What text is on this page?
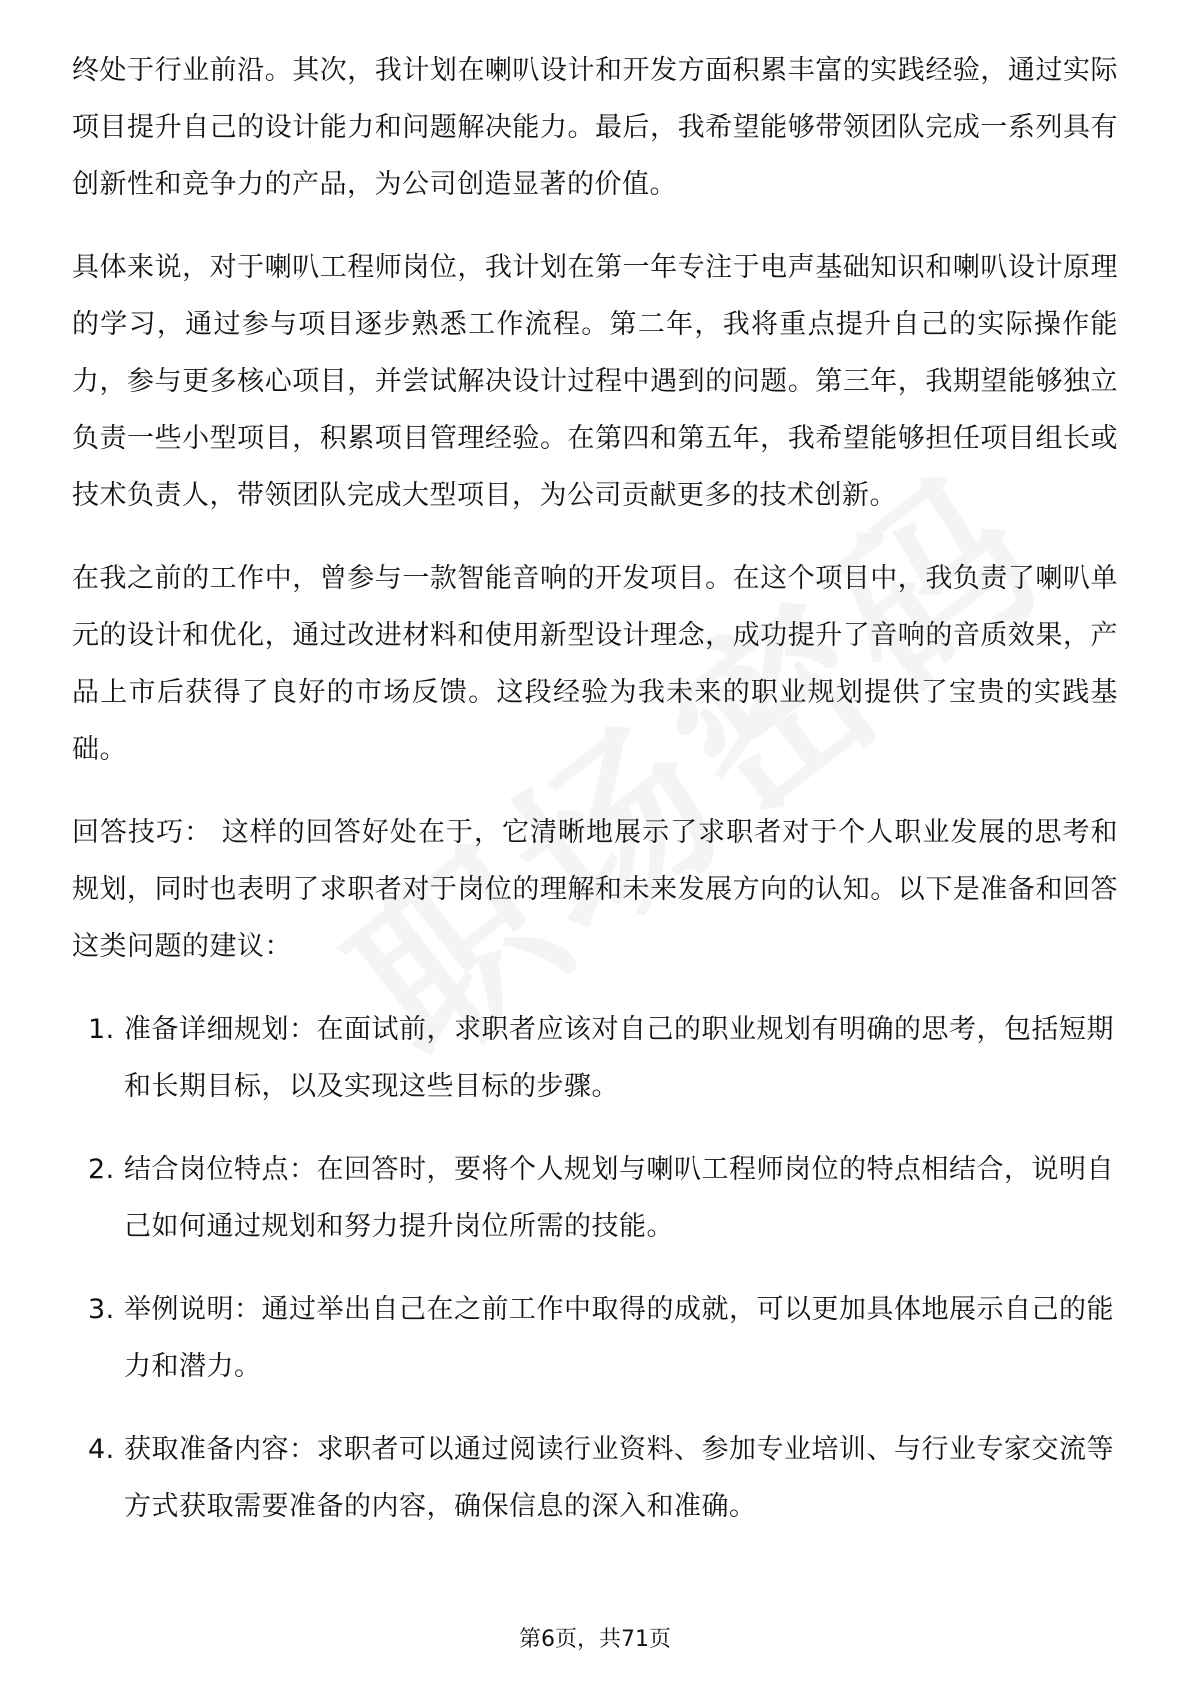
终处于行业前沿。其次，我计划在喇叭设计和开发方面积累丰富的实践经验，通过实际项目提升自己的设计能力和问题解决能力。最后，我希望能够带领团队完成一系列具有创新性和竞争力的产品，为公司创造显著的价值。

具体来说，对于喇叭工程师岗位，我计划在第一年专注于电声基础知识和喇叭设计原理的学习，通过参与项目逐步熟悉工作流程。第二年，我将重点提升自己的实际操作能力，参与更多核心项目，并尝试解决设计过程中遇到的问题。第三年，我期望能够独立负责一些小型项目，积累项目管理经验。在第四和第五年，我希望能够担任项目组长或技术负责人，带领团队完成大型项目，为公司贡献更多的技术创新。

在我之前的工作中，曾参与一款智能音响的开发项目。在这个项目中，我负责了喇叭单元的设计和优化，通过改进材料和使用新型设计理念，成功提升了音响的音质效果，产品上市后获得了良好的市场反馈。这段经验为我未来的职业规划提供了宝贵的实践基础。

回答技巧： 这样的回答好处在于，它清晰地展示了求职者对于个人职业发展的思考和规划，同时也表明了求职者对于岗位的理解和未来发展方向的认知。以下是准备和回答这类问题的建议：

1. 准备详细规划：在面试前，求职者应该对自己的职业规划有明确的思考，包括短期和长期目标，以及实现这些目标的步骤。
2. 结合岗位特点：在回答时，要将个人规划与喇叭工程师岗位的特点相结合，说明自己如何通过规划和努力提升岗位所需的技能。
3. 举例说明：通过举出自己在之前工作中取得的成就，可以更加具体地展示自己的能力和潜力。
4. 获取准备内容：求职者可以通过阅读行业资料、参加专业培训、与行业专家交流等方式获取需要准备的内容，确保信息的深入和准确。
第6页，共71页
